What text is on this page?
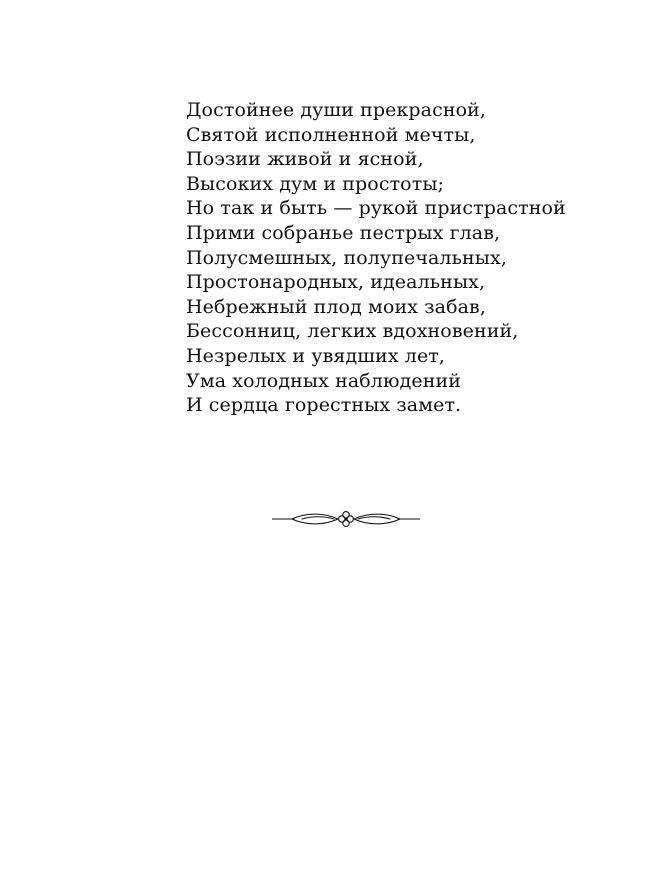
Достойнее души прекрасной,
Святой исполненной мечты,
Поэзии живой и ясной,
Высоких дум и простоты;
Но так и быть — рукой пристрастной
Прими собранье пестрых глав,
Полусмешных, полупечальных,
Простонародных, идеальных,
Небрежный плод моих забав,
Бессонниц, легких вдохновений,
Незрелых и увядших лет,
Ума холодных наблюдений
И сердца горестных замет.
